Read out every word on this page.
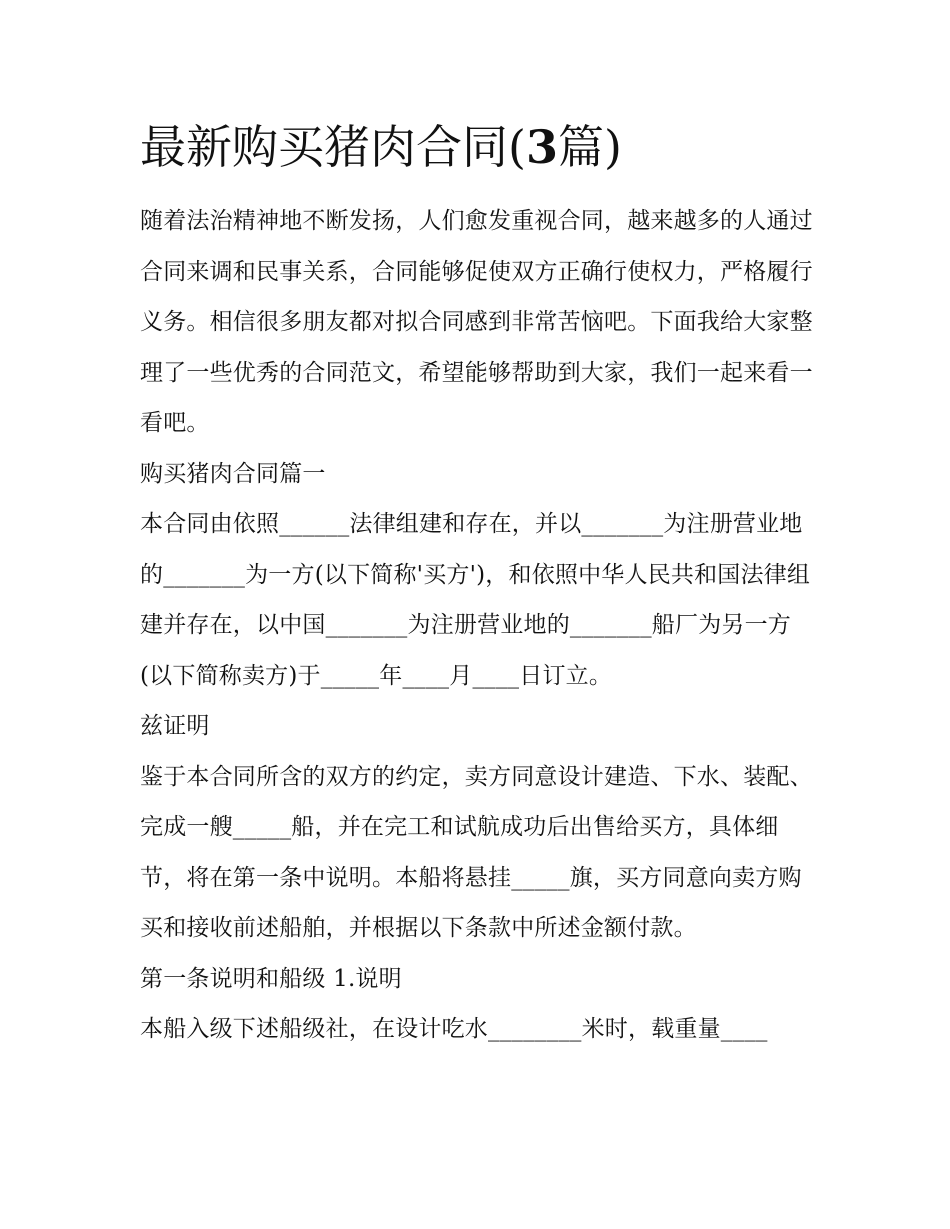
最新购买猪肉合同(3篇)

随着法治精神地不断发扬，人们愈发重视合同，越来越多的人通过合同来调和民事关系，合同能够促使双方正确行使权力，严格履行义务。相信很多朋友都对拟合同感到非常苦恼吧。下面我给大家整理了一些优秀的合同范文，希望能够帮助到大家，我们一起来看一看吧。

购买猪肉合同篇一

本合同由依照______法律组建和存在，并以_______为注册营业地的_______为一方(以下简称'买方')，和依照中华人民共和国法律组建并存在，以中国_______为注册营业地的_______船厂为另一方(以下简称卖方)于_____年____月____日订立。

兹证明

鉴于本合同所含的双方的约定，卖方同意设计建造、下水、装配、完成一艘_____船，并在完工和试航成功后出售给买方，具体细节，将在第一条中说明。本船将悬挂_____旗，买方同意向卖方购买和接收前述船舶，并根据以下条款中所述金额付款。

第一条说明和船级 1.说明

本船入级下述船级社，在设计吃水________米时，载重量____
